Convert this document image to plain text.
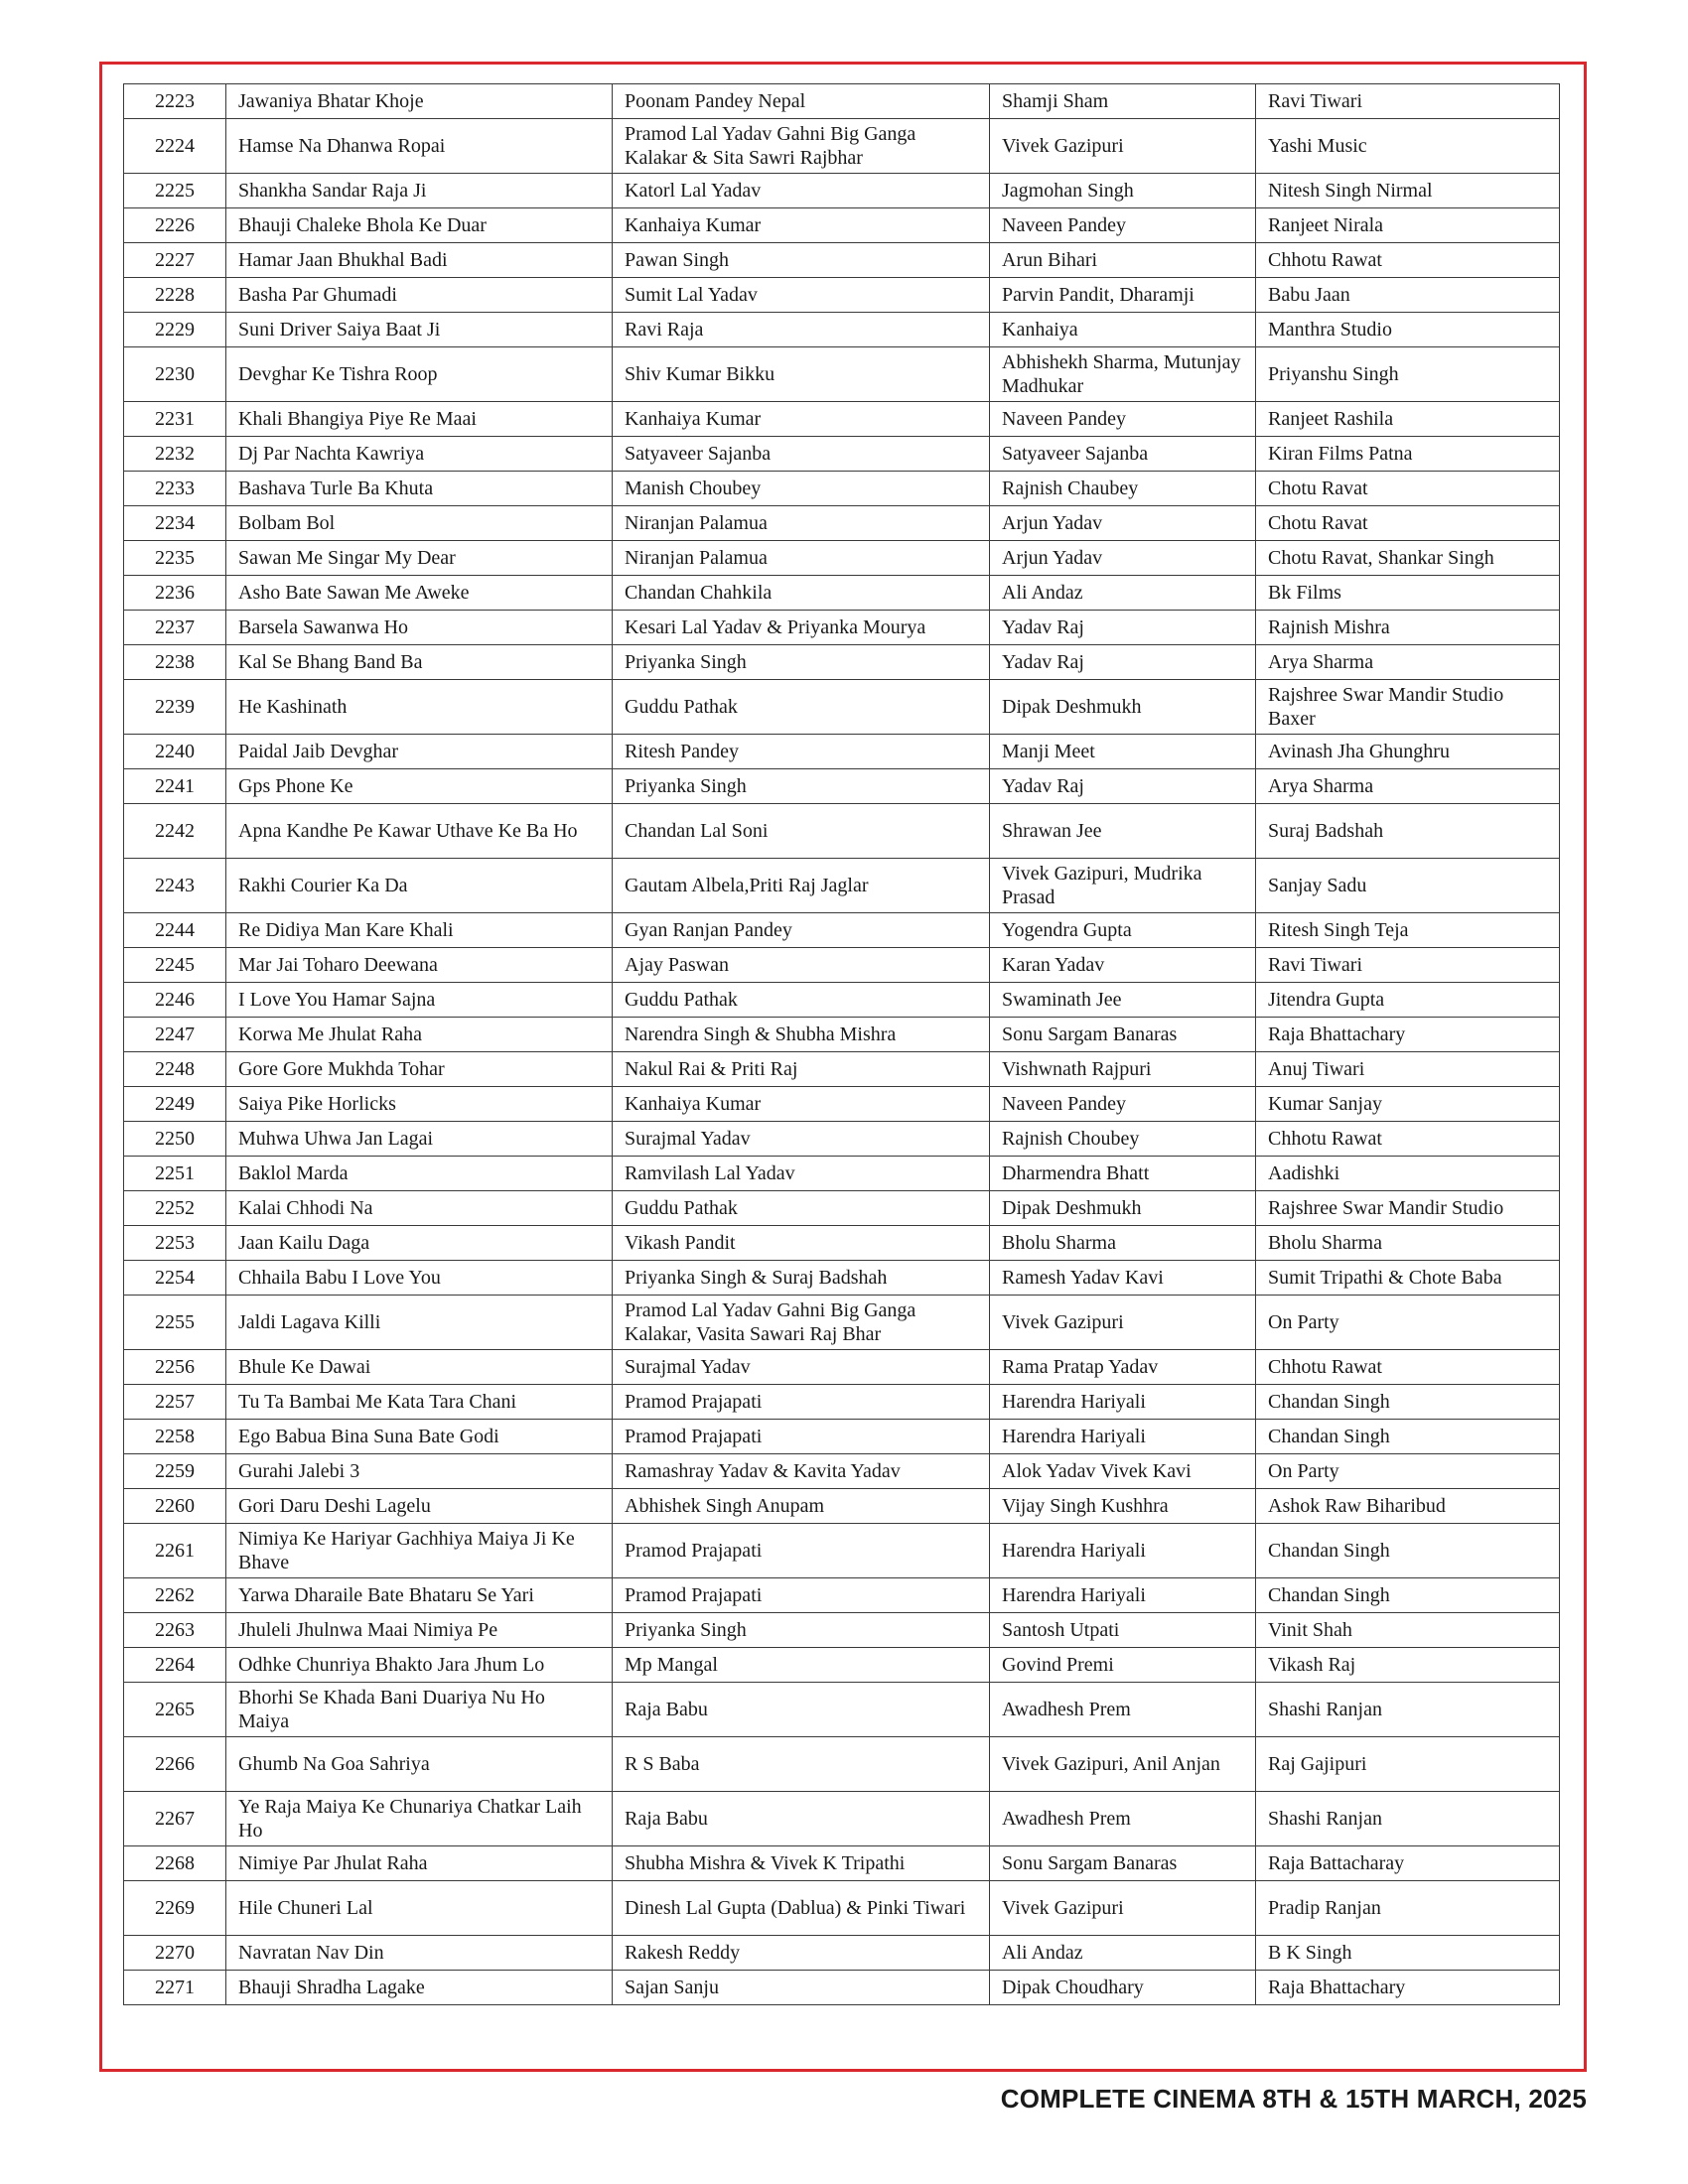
2223	Jawaniya Bhatar Khoje	Poonam Pandey Nepal	Shamji Sham	Ravi Tiwari
2224	Hamse Na Dhanwa Ropai	Pramod Lal Yadav Gahni Big Ganga Kalakar & Sita Sawri Rajbhar	Vivek Gazipuri	Yashi Music
2225	Shankha Sandar Raja Ji	Katorl Lal Yadav	Jagmohan Singh	Nitesh Singh Nirmal
2226	Bhauji Chaleke Bhola Ke Duar	Kanhaiya Kumar	Naveen Pandey	Ranjeet Nirala
2227	Hamar Jaan Bhukhal Badi	Pawan Singh	Arun Bihari	Chhotu Rawat
2228	Basha Par Ghumadi	Sumit Lal Yadav	Parvin Pandit, Dharamji	Babu Jaan
2229	Suni Driver Saiya Baat Ji	Ravi Raja	Kanhaiya	Manthra Studio
2230	Devghar Ke Tishra Roop	Shiv Kumar Bikku	Abhishekh Sharma, Mutunjay Madhukar	Priyanshu Singh
2231	Khali Bhangiya Piye Re Maai	Kanhaiya Kumar	Naveen Pandey	Ranjeet Rashila
2232	Dj Par Nachta Kawriya	Satyaveer Sajanba	Satyaveer Sajanba	Kiran Films Patna
2233	Bashava Turle Ba Khuta	Manish Choubey	Rajnish Chaubey	Chotu Ravat
2234	Bolbam Bol	Niranjan Palamua	Arjun Yadav	Chotu Ravat
2235	Sawan Me Singar My Dear	Niranjan Palamua	Arjun Yadav	Chotu Ravat, Shankar Singh
2236	Asho Bate Sawan Me Aweke	Chandan Chahkila	Ali Andaz	Bk Films
2237	Barsela Sawanwa Ho	Kesari Lal Yadav & Priyanka Mourya	Yadav Raj	Rajnish Mishra
2238	Kal Se Bhang Band Ba	Priyanka Singh	Yadav Raj	Arya Sharma
2239	He Kashinath	Guddu Pathak	Dipak Deshmukh	Rajshree Swar Mandir Studio Baxer
2240	Paidal Jaib Devghar	Ritesh Pandey	Manji Meet	Avinash Jha Ghunghru
2241	Gps Phone Ke	Priyanka Singh	Yadav Raj	Arya Sharma
2242	Apna Kandhe Pe Kawar Uthave Ke Ba Ho	Chandan Lal Soni	Shrawan Jee	Suraj Badshah
2243	Rakhi Courier Ka Da	Gautam Albela,Priti Raj Jaglar	Vivek Gazipuri, Mudrika Prasad	Sanjay Sadu
2244	Re Didiya Man Kare Khali	Gyan Ranjan Pandey	Yogendra Gupta	Ritesh Singh Teja
2245	Mar Jai Toharo Deewana	Ajay Paswan	Karan Yadav	Ravi Tiwari
2246	I Love You Hamar Sajna	Guddu Pathak	Swaminath Jee	Jitendra Gupta
2247	Korwa Me Jhulat Raha	Narendra Singh & Shubha Mishra	Sonu Sargam Banaras	Raja Bhattachary
2248	Gore Gore Mukhda Tohar	Nakul Rai & Priti Raj	Vishwnath Rajpuri	Anuj Tiwari
2249	Saiya Pike Horlicks	Kanhaiya Kumar	Naveen Pandey	Kumar Sanjay
2250	Muhwa Uhwa Jan Lagai	Surajmal Yadav	Rajnish Choubey	Chhotu Rawat
2251	Baklol Marda	Ramvilash Lal Yadav	Dharmendra Bhatt	Aadishki
2252	Kalai Chhodi Na	Guddu Pathak	Dipak Deshmukh	Rajshree Swar Mandir Studio
2253	Jaan Kailu Daga	Vikash Pandit	Bholu Sharma	Bholu Sharma
2254	Chhaila Babu I Love You	Priyanka Singh & Suraj Badshah	Ramesh Yadav Kavi	Sumit Tripathi & Chote Baba
2255	Jaldi Lagava Killi	Pramod Lal Yadav Gahni Big Ganga Kalakar, Vasita Sawari Raj Bhar	Vivek Gazipuri	On Party
2256	Bhule Ke Dawai	Surajmal Yadav	Rama Pratap Yadav	Chhotu Rawat
2257	Tu Ta Bambai Me Kata Tara Chani	Pramod Prajapati	Harendra Hariyali	Chandan Singh
2258	Ego Babua Bina Suna Bate Godi	Pramod Prajapati	Harendra Hariyali	Chandan Singh
2259	Gurahi Jalebi 3	Ramashray Yadav & Kavita Yadav	Alok Yadav Vivek Kavi	On Party
2260	Gori Daru Deshi Lagelu	Abhishek Singh Anupam	Vijay Singh Kushhra	Ashok Raw Biharibud
2261	Nimiya Ke Hariyar Gachhiya Maiya Ji Ke Bhave	Pramod Prajapati	Harendra Hariyali	Chandan Singh
2262	Yarwa Dharaile Bate Bhataru Se Yari	Pramod Prajapati	Harendra Hariyali	Chandan Singh
2263	Jhuleli Jhulnwa Maai Nimiya Pe	Priyanka Singh	Santosh Utpati	Vinit Shah
2264	Odhke Chunriya Bhakto Jara Jhum Lo	Mp Mangal	Govind Premi	Vikash Raj
2265	Bhorhi Se Khada Bani Duariya Nu Ho Maiya	Raja Babu	Awadhesh Prem	Shashi Ranjan
2266	Ghumb Na Goa Sahriya	R S Baba	Vivek Gazipuri, Anil Anjan	Raj Gajipuri
2267	Ye Raja Maiya Ke Chunariya Chatkar Laih Ho	Raja Babu	Awadhesh Prem	Shashi Ranjan
2268	Nimiye Par Jhulat Raha	Shubha Mishra & Vivek K Tripathi	Sonu Sargam Banaras	Raja Battacharay
2269	Hile Chuneri Lal	Dinesh Lal Gupta (Dablua) & Pinki Tiwari	Vivek Gazipuri	Pradip Ranjan
2270	Navratan Nav Din	Rakesh Reddy	Ali Andaz	B K Singh
2271	Bhauji Shradha Lagake	Sajan Sanju	Dipak Choudhary	Raja Bhattachary
COMPLETE CINEMA 8TH & 15TH MARCH, 2025
